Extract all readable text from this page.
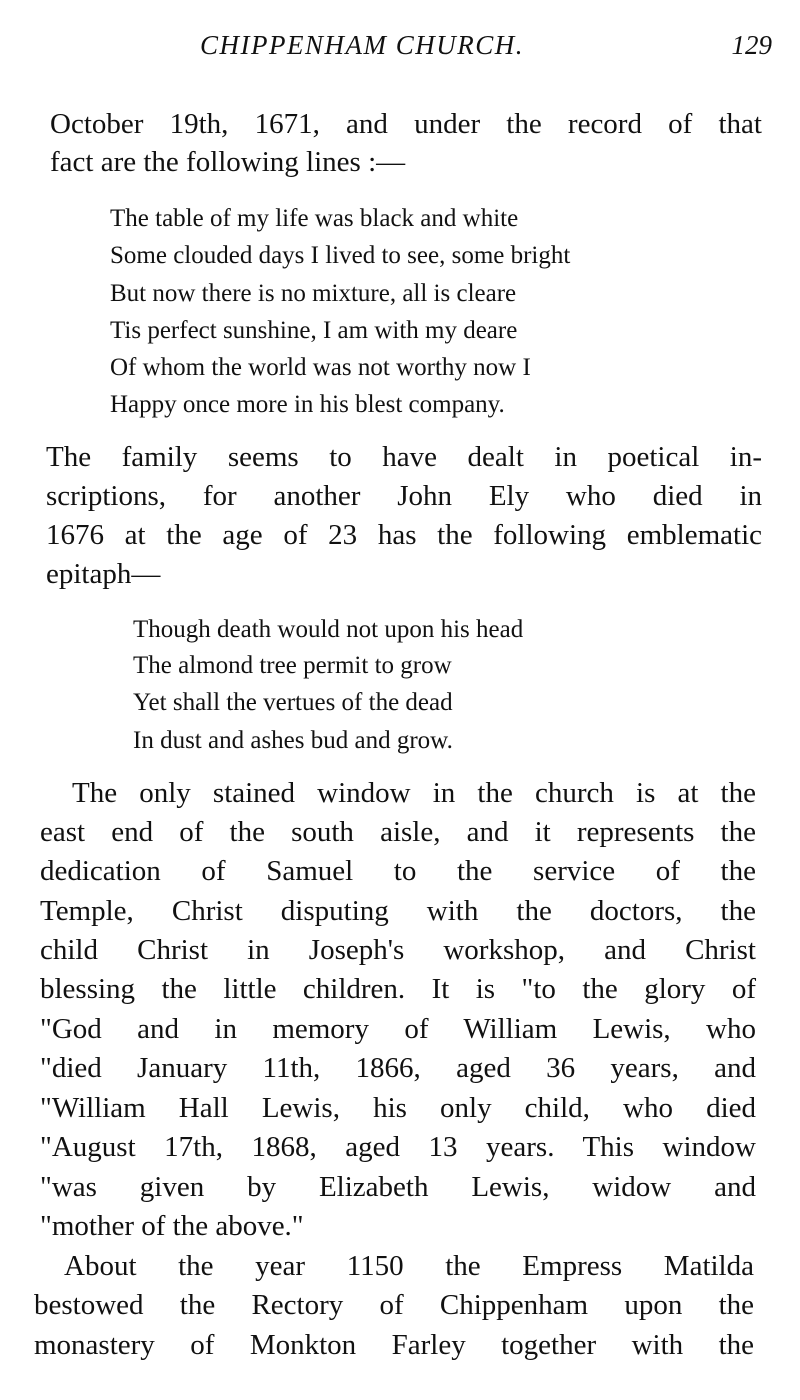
CHIPPENHAM CHURCH.	129
October 19th, 1671, and under the record of that
fact are the following lines :—
The table of my life was black and white
Some clouded days I lived to see, some bright
But now there is no mixture, all is cleare
Tis perfect sunshine, I am with my deare
Of whom the world was not worthy now I
Happy once more in his blest company.
The family seems to have dealt in poetical in-
scriptions, for another John Ely who died in
1676 at the age of 23 has the following emblematic
epitaph—
Though death would not upon his head
The almond tree permit to grow
Yet shall the vertues of the dead
In dust and ashes bud and grow.
The only stained window in the church is at the
east end of the south aisle, and it represents the
dedication of Samuel to the service of the
Temple, Christ disputing with the doctors, the
child Christ in Joseph's workshop, and Christ
blessing the little children. It is "to the glory of
"God and in memory of William Lewis, who
"died January 11th, 1866, aged 36 years, and
"William Hall Lewis, his only child, who died
"August 17th, 1868, aged 13 years. This window
"was given by Elizabeth Lewis, widow and
"mother of the above."
About the year 1150 the Empress Matilda
bestowed the Rectory of Chippenham upon the
monastery of Monkton Farley together with the
